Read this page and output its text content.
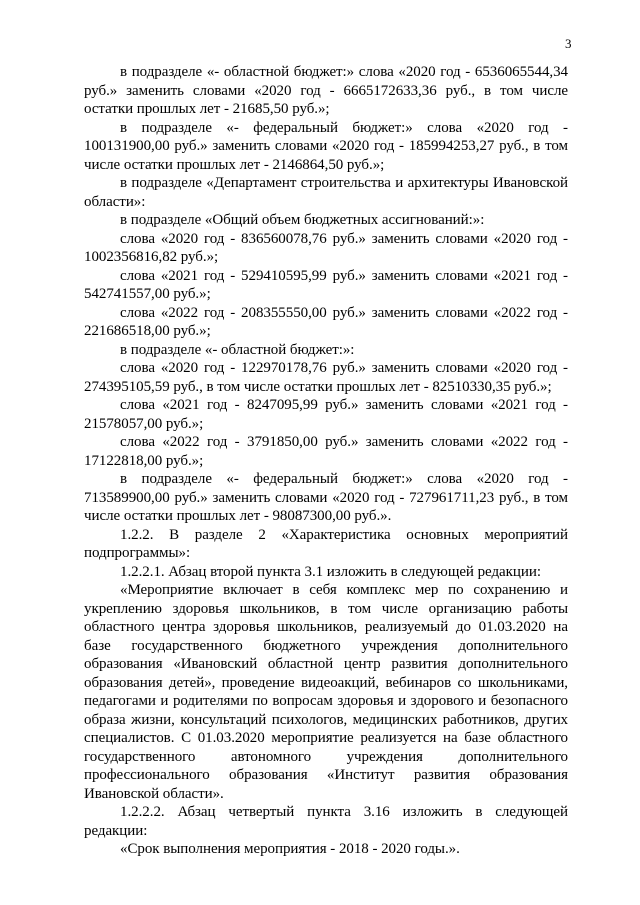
3

в подразделе «- областной бюджет:» слова «2020 год - 6536065544,34 руб.» заменить словами «2020 год - 6665172633,36 руб., в том числе остатки прошлых лет - 21685,50 руб.»;

в подразделе «- федеральный бюджет:» слова «2020 год - 100131900,00 руб.» заменить словами «2020 год - 185994253,27 руб., в том числе остатки прошлых лет - 2146864,50 руб.»;

в подразделе «Департамент строительства и архитектуры Ивановской области»:

в подразделе «Общий объем бюджетных ассигнований:»:

слова «2020 год - 836560078,76 руб.» заменить словами «2020 год - 1002356816,82 руб.»;

слова «2021 год - 529410595,99 руб.» заменить словами «2021 год - 542741557,00 руб.»;

слова «2022 год - 208355550,00 руб.» заменить словами «2022 год - 221686518,00 руб.»;

в подразделе «- областной бюджет:»:

слова «2020 год - 122970178,76 руб.» заменить словами «2020 год - 274395105,59 руб., в том числе остатки прошлых лет - 82510330,35 руб.»;

слова «2021 год - 8247095,99 руб.» заменить словами «2021 год - 21578057,00 руб.»;

слова «2022 год - 3791850,00 руб.» заменить словами «2022 год - 17122818,00 руб.»;

в подразделе «- федеральный бюджет:» слова «2020 год - 713589900,00 руб.» заменить словами «2020 год - 727961711,23 руб., в том числе остатки прошлых лет - 98087300,00 руб.».

1.2.2. В разделе 2 «Характеристика основных мероприятий подпрограммы»:

1.2.2.1. Абзац второй пункта 3.1 изложить в следующей редакции:

«Мероприятие включает в себя комплекс мер по сохранению и укреплению здоровья школьников, в том числе организацию работы областного центра здоровья школьников, реализуемый до 01.03.2020 на базе государственного бюджетного учреждения дополнительного образования «Ивановский областной центр развития дополнительного образования детей», проведение видеоакций, вебинаров со школьниками, педагогами и родителями по вопросам здоровья и здорового и безопасного образа жизни, консультаций психологов, медицинских работников, других специалистов. С 01.03.2020 мероприятие реализуется на базе областного государственного автономного учреждения дополнительного профессионального образования «Институт развития образования Ивановской области».

1.2.2.2. Абзац четвертый пункта 3.16 изложить в следующей редакции:

«Срок выполнения мероприятия - 2018 - 2020 годы.».
